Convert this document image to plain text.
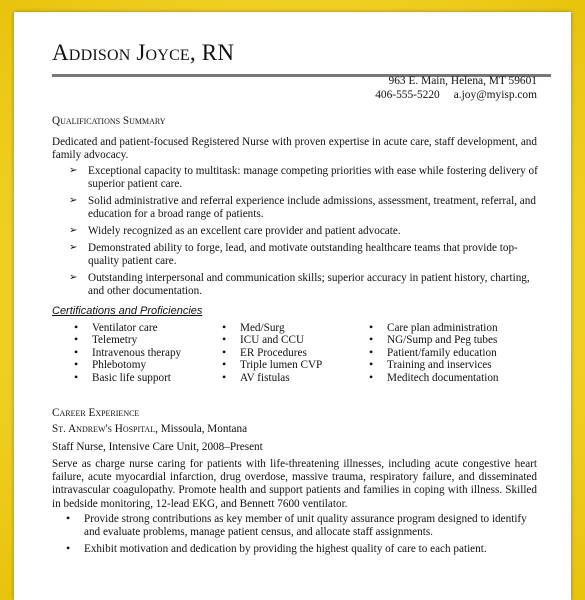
Addison Joyce, RN
963 E. Main, Helena, MT 59601
406-555-5220 a.joy@myisp.com
Qualifications Summary
Dedicated and patient-focused Registered Nurse with proven expertise in acute care, staff development, and family advocacy.
➢ Exceptional capacity to multitask: manage competing priorities with ease while fostering delivery of superior patient care.
➢ Solid administrative and referral experience include admissions, assessment, treatment, referral, and education for a broad range of patients.
➢ Widely recognized as an excellent care provider and patient advocate.
➢ Demonstrated ability to forge, lead, and motivate outstanding healthcare teams that provide top-quality patient care.
➢ Outstanding interpersonal and communication skills; superior accuracy in patient history, charting, and other documentation.
Certifications and Proficiencies
• Ventilator care
• Telemetry
• Intravenous therapy
• Phlebotomy
• Basic life support
• Med/Surg
• ICU and CCU
• ER Procedures
• Triple lumen CVP
• AV fistulas
• Care plan administration
• NG/Sump and Peg tubes
• Patient/family education
• Training and inservices
• Meditech documentation
Career Experience
St. Andrew's Hospital, Missoula, Montana
Staff Nurse, Intensive Care Unit, 2008–Present
Serve as charge nurse caring for patients with life-threatening illnesses, including acute congestive heart failure, acute myocardial infarction, drug overdose, massive trauma, respiratory failure, and disseminated intravascular coagulopathy. Promote health and support patients and families in coping with illness. Skilled in bedside monitoring, 12-lead EKG, and Bennett 7600 ventilator.
• Provide strong contributions as key member of unit quality assurance program designed to identify and evaluate problems, manage patient census, and allocate staff assignments.
• Exhibit motivation and dedication by providing the highest quality of care to each patient.
